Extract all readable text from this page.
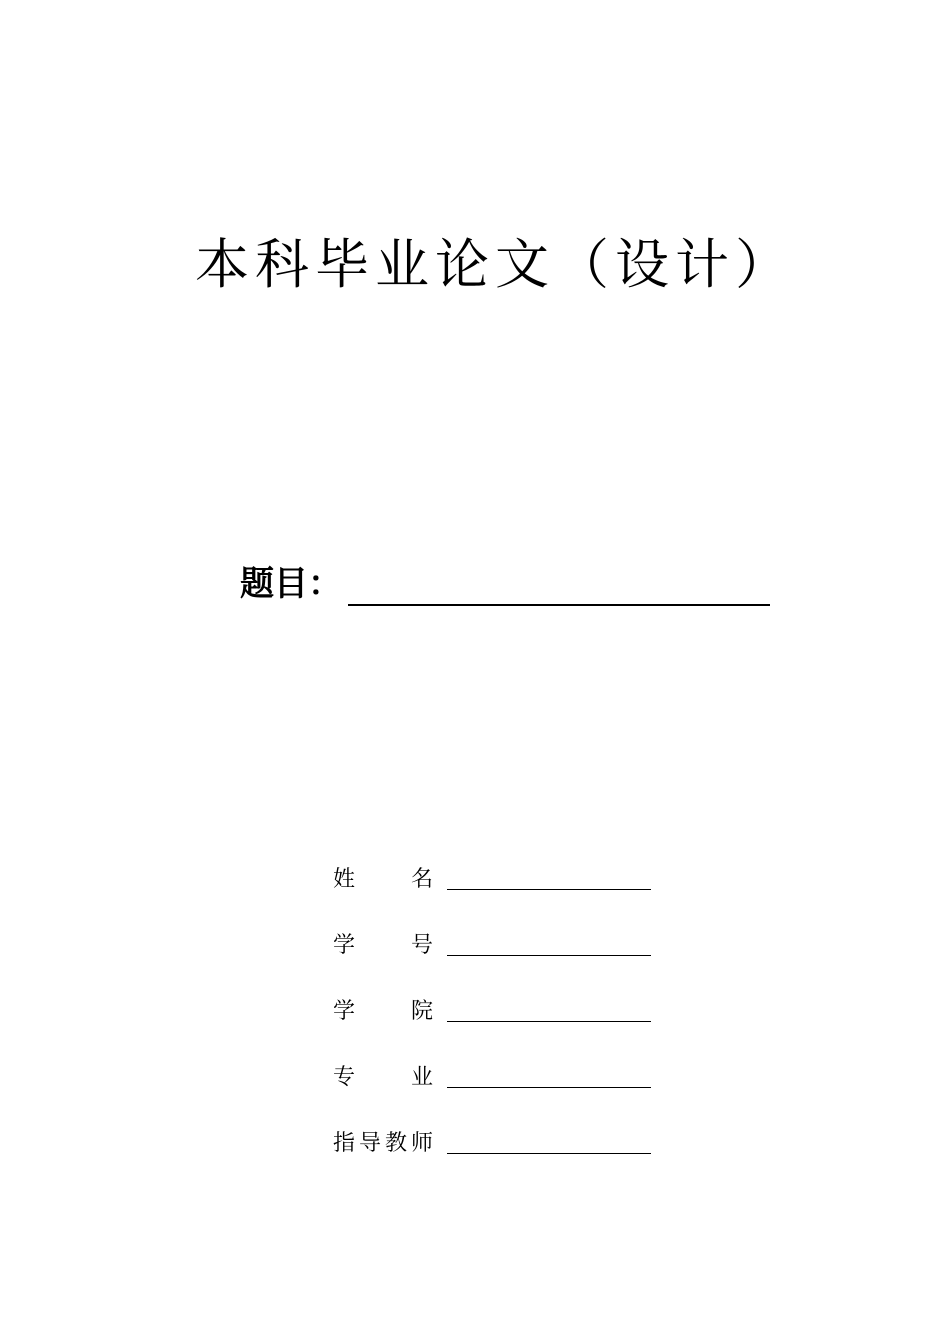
本科毕业论文（设计）
题目：
姓	名
学	号
学	院
专	业
指 导 教 师
